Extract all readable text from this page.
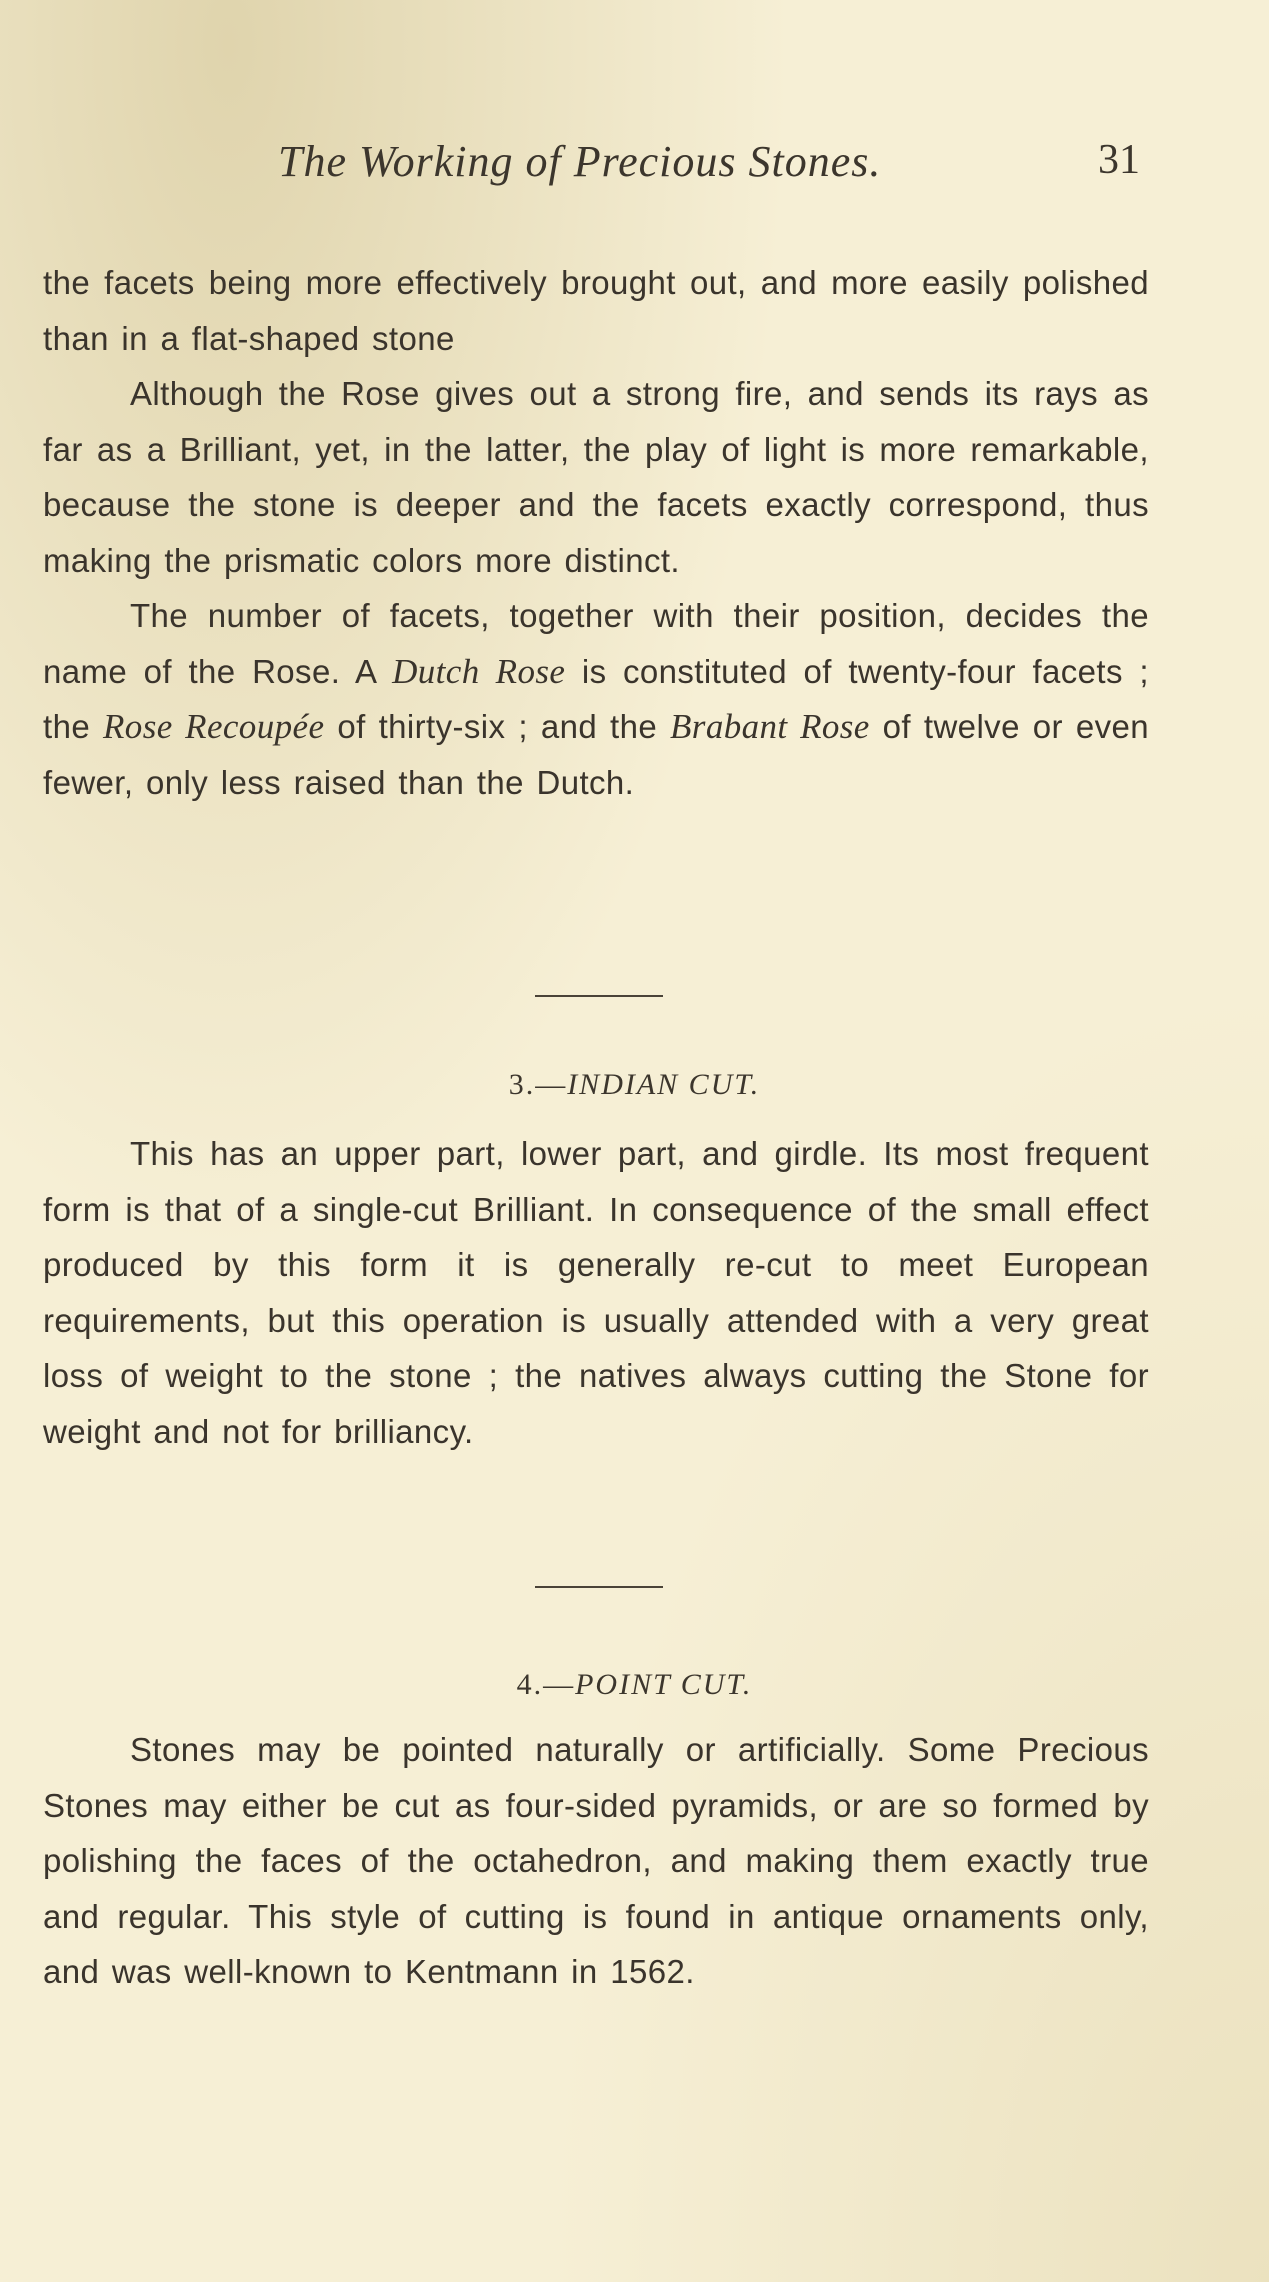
The Working of Precious Stones.	31

the facets being more effectively brought out, and more easily polished than in a flat-shaped stone

Although the Rose gives out a strong fire, and sends its rays as far as a Brilliant, yet, in the latter, the play of light is more remarkable, because the stone is deeper and the facets exactly correspond, thus making the prismatic colors more distinct.

The number of facets, together with their position, decides the name of the Rose. A Dutch Rose is constituted of twenty-four facets ; the Rose Recoupée of thirty-six ; and the Brabant Rose of twelve or even fewer, only less raised than the Dutch.

3.—INDIAN CUT.

This has an upper part, lower part, and girdle. Its most frequent form is that of a single-cut Brilliant. In consequence of the small effect produced by this form it is generally re-cut to meet European requirements, but this operation is usually attended with a very great loss of weight to the stone ; the natives always cutting the Stone for weight and not for brilliancy.

4.—POINT CUT.

Stones may be pointed naturally or artificially. Some Precious Stones may either be cut as four-sided pyramids, or are so formed by polishing the faces of the octahedron, and making them exactly true and regular. This style of cutting is found in antique ornaments only, and was well-known to Kentmann in 1562.
